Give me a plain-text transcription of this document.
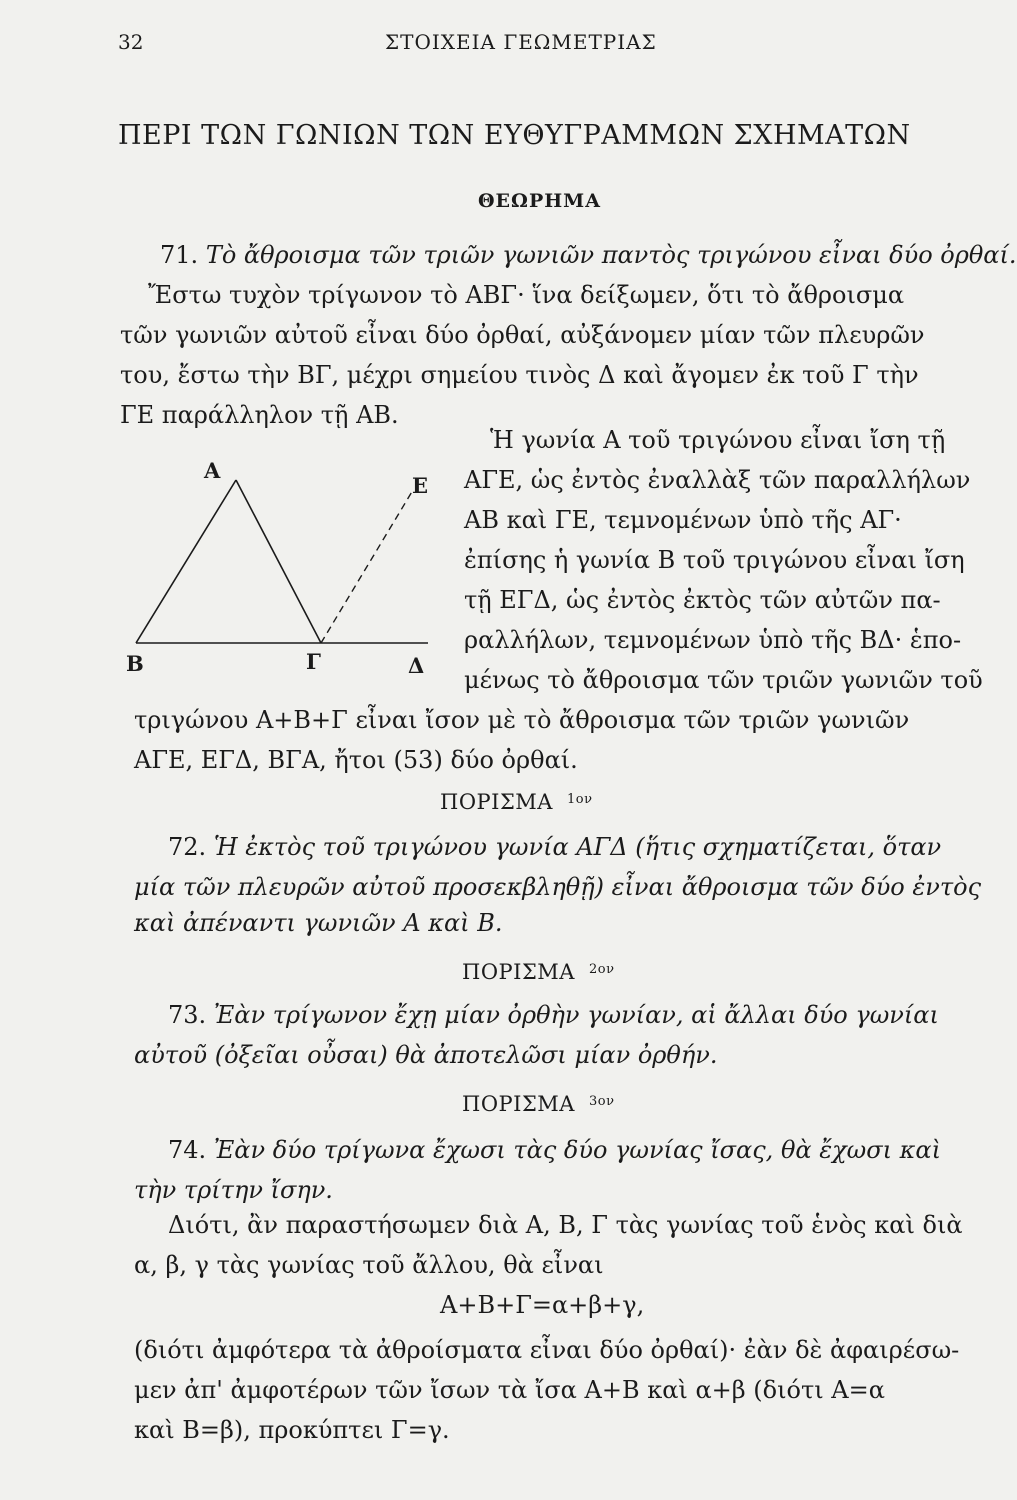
32	ΣΤΟΙΧΕΙΑ ΓΕΩΜΕΤΡΙΑΣ
ΠΕΡΙ ΤΩΝ ΓΩΝΙΩΝ ΤΩΝ ΕΥΘΥΓΡΑΜΜΩΝ ΣΧΗΜΑΤΩΝ
ΘΕΩΡΗΜΑ
71. Τὸ ἄθροισμα τῶν τριῶν γωνιῶν παντὸς τριγώνου εἶναι δύο ὀρθαί.
Ἔστω τυχὸν τρίγωνον τὸ ΑΒΓ· ἵνα δείξωμεν, ὅτι τὸ ἄθροισμα
τῶν γωνιῶν αὐτοῦ εἶναι δύο ὀρθαί, αὐξάνομεν μίαν τῶν πλευρῶν
του, ἔστω τὴν ΒΓ, μέχρι σημείου τινὸς Δ καὶ ἄγομεν ἐκ τοῦ Γ τὴν
ΓΕ παράλληλον τῇ ΑΒ.
Α
Β	Γ	Δ
Ε
Ἡ γωνία Α τοῦ τριγώνου εἶναι ἴση τῇ
ΑΓΕ, ὡς ἐντὸς ἐναλλὰξ τῶν παραλλήλων
ΑΒ καὶ ΓΕ, τεμνομένων ὑπὸ τῆς ΑΓ·
ἐπίσης ἡ γωνία Β τοῦ τριγώνου εἶναι ἴση
τῇ ΕΓΔ, ὡς ἐντὸς ἐκτὸς τῶν αὐτῶν πα-
ραλλήλων, τεμνομένων ὑπὸ τῆς ΒΔ· ἑπο-
μένως τὸ ἄθροισμα τῶν τριῶν γωνιῶν τοῦ
τριγώνου Α+Β+Γ εἶναι ἴσον μὲ τὸ ἄθροισμα τῶν τριῶν γωνιῶν
ΑΓΕ, ΕΓΔ, ΒΓΑ, ἤτοι (53) δύο ὀρθαί.
ΠΟΡΙΣΜΑ $^{1o\nu}$
72. Ἡ ἐκτὸς τοῦ τριγώνου γωνία ΑΓΔ (ἥτις σχηματίζεται, ὅταν
μία τῶν πλευρῶν αὐτοῦ προσεκβληθῇ) εἶναι ἄθροισμα τῶν δύο ἐντὸς
καὶ ἀπέναντι γωνιῶν Α καὶ Β.
ΠΟΡΙΣΜΑ $^{2o\nu}$
73. Ἐὰν τρίγωνον ἔχῃ μίαν ὀρθὴν γωνίαν, αἱ ἄλλαι δύο γωνίαι
αὐτοῦ (ὀξεῖαι οὖσαι) θὰ ἀποτελῶσι μίαν ὀρθήν.
ΠΟΡΙΣΜΑ $^{3o\nu}$
74. Ἐὰν δύο τρίγωνα ἔχωσι τὰς δύο γωνίας ἴσας, θὰ ἔχωσι καὶ
τὴν τρίτην ἴσην.
Διότι, ἂν παραστήσωμεν διὰ Α, Β, Γ τὰς γωνίας τοῦ ἑνὸς καὶ διὰ
α, β, γ τὰς γωνίας τοῦ ἄλλου, θὰ εἶναι
Α+Β+Γ=α+β+γ,
(διότι ἀμφότερα τὰ ἀθροίσματα εἶναι δύο ὀρθαί)· ἐὰν δὲ ἀφαιρέσω-
μεν ἀπ' ἀμφοτέρων τῶν ἴσων τὰ ἴσα Α+Β καὶ α+β (διότι Α=α
καὶ Β=β), προκύπτει Γ=γ.
